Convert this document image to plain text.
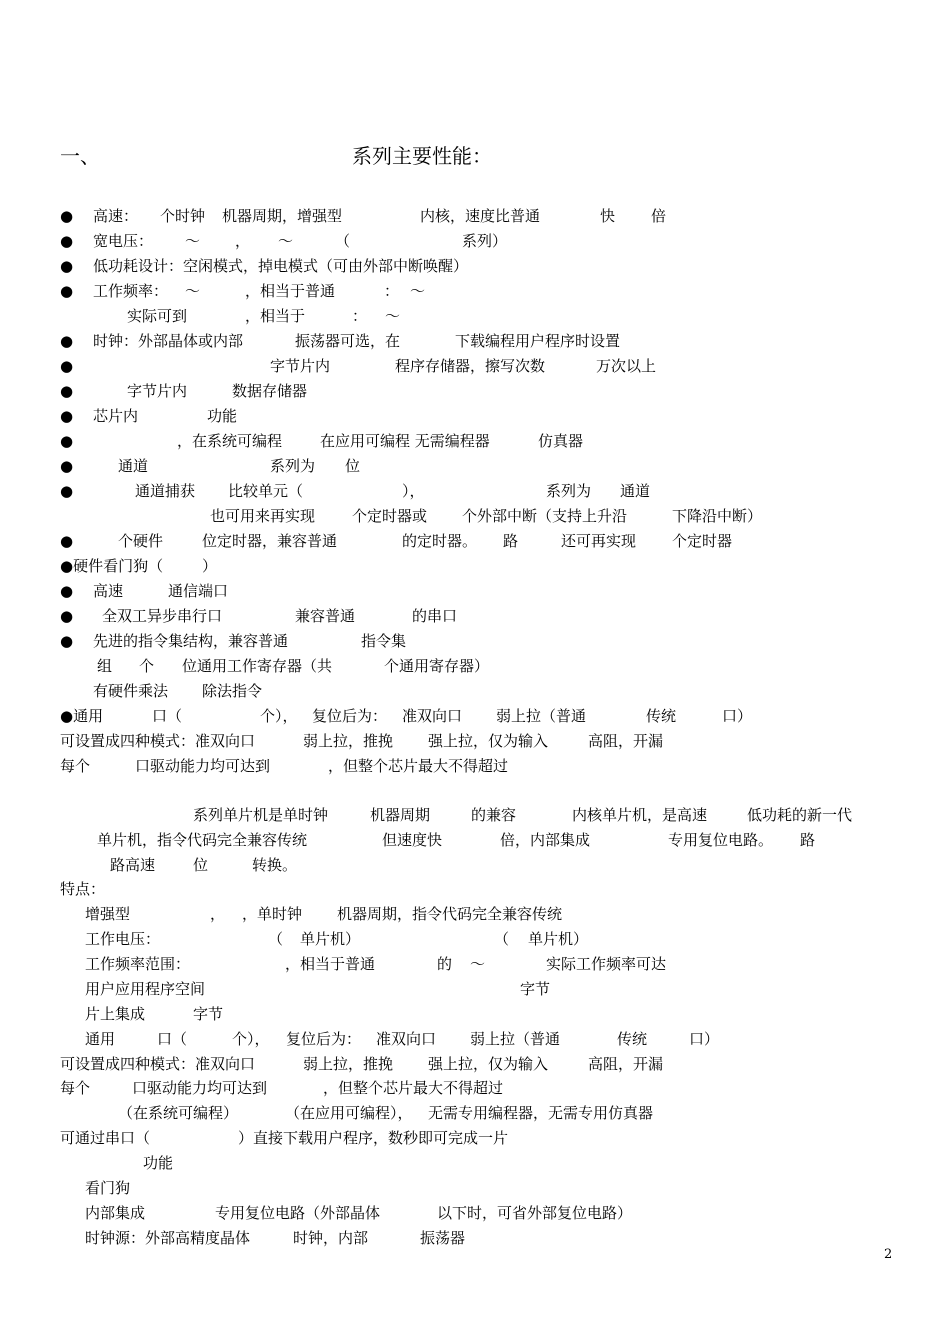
一、	系列主要性能：
● 高速： 个时钟 机器周期，增强型	内核，速度比普通	快 倍
● 宽电压： ～ ， ～	（	系列）
● 低功耗设计：空闲模式，掉电模式（可由外部中断唤醒）
● 工作频率： ～	，相当于普通	： ～
实际可到	，相当于	： ～
● 时钟：外部晶体或内部	振荡器可选，在	下载编程用户程序时设置
●	字节片内	程序存储器，擦写次数	万次以上
●	字节片内	数据存储器
● 芯片内	功能
●	，在系统可编程	在应用可编程 无需编程器	仿真器
●	通道	系列为 位
●	通道捕获 比较单元（	），	系列为 通道
也可用来再实现 个定时器或 个外部中断（支持上升沿	下降沿中断）
●	个硬件	位定时器，兼容普通	的定时器。 路	还可再实现 个定时器
●硬件看门狗（	）
● 高速	通信端口
● 全双工异步串行口	兼容普通	的串口
● 先进的指令集结构，兼容普通	指令集
组 个 位通用工作寄存器（共	个通用寄存器）
有硬件乘法 除法指令
●通用	口（	个）， 复位后为： 准双向口 弱上拉（普通	传统	口）
可设置成四种模式：准双向口	弱上拉，推挽 强上拉，仅为输入	高阻，开漏
每个	口驱动能力均可达到	，但整个芯片最大不得超过
系列单片机是单时钟	机器周期	的兼容	内核单片机，是高速	低功耗的新一代
单片机，指令代码完全兼容传统	但速度快	倍，内部集成	专用复位电路。 路
路高速	位	转换。
特点：
增强型	， ，单时钟 机器周期，指令代码完全兼容传统
工作电压：	（ 单片机）	（ 单片机）
工作频率范围：	，相当于普通	的 ～	实际工作频率可达
用户应用程序空间	字节
片上集成	字节
通用	口（	个）， 复位后为： 准双向口 弱上拉（普通	传统	口）
可设置成四种模式：准双向口	弱上拉，推挽 强上拉，仅为输入	高阻，开漏
每个	口驱动能力均可达到	，但整个芯片最大不得超过
（在系统可编程）	（在应用可编程）， 无需专用编程器，无需专用仿真器
可通过串口（	）直接下载用户程序，数秒即可完成一片
功能
看门狗
内部集成	专用复位电路（外部晶体	以下时，可省外部复位电路）
时钟源：外部高精度晶体	时钟，内部	振荡器
2
